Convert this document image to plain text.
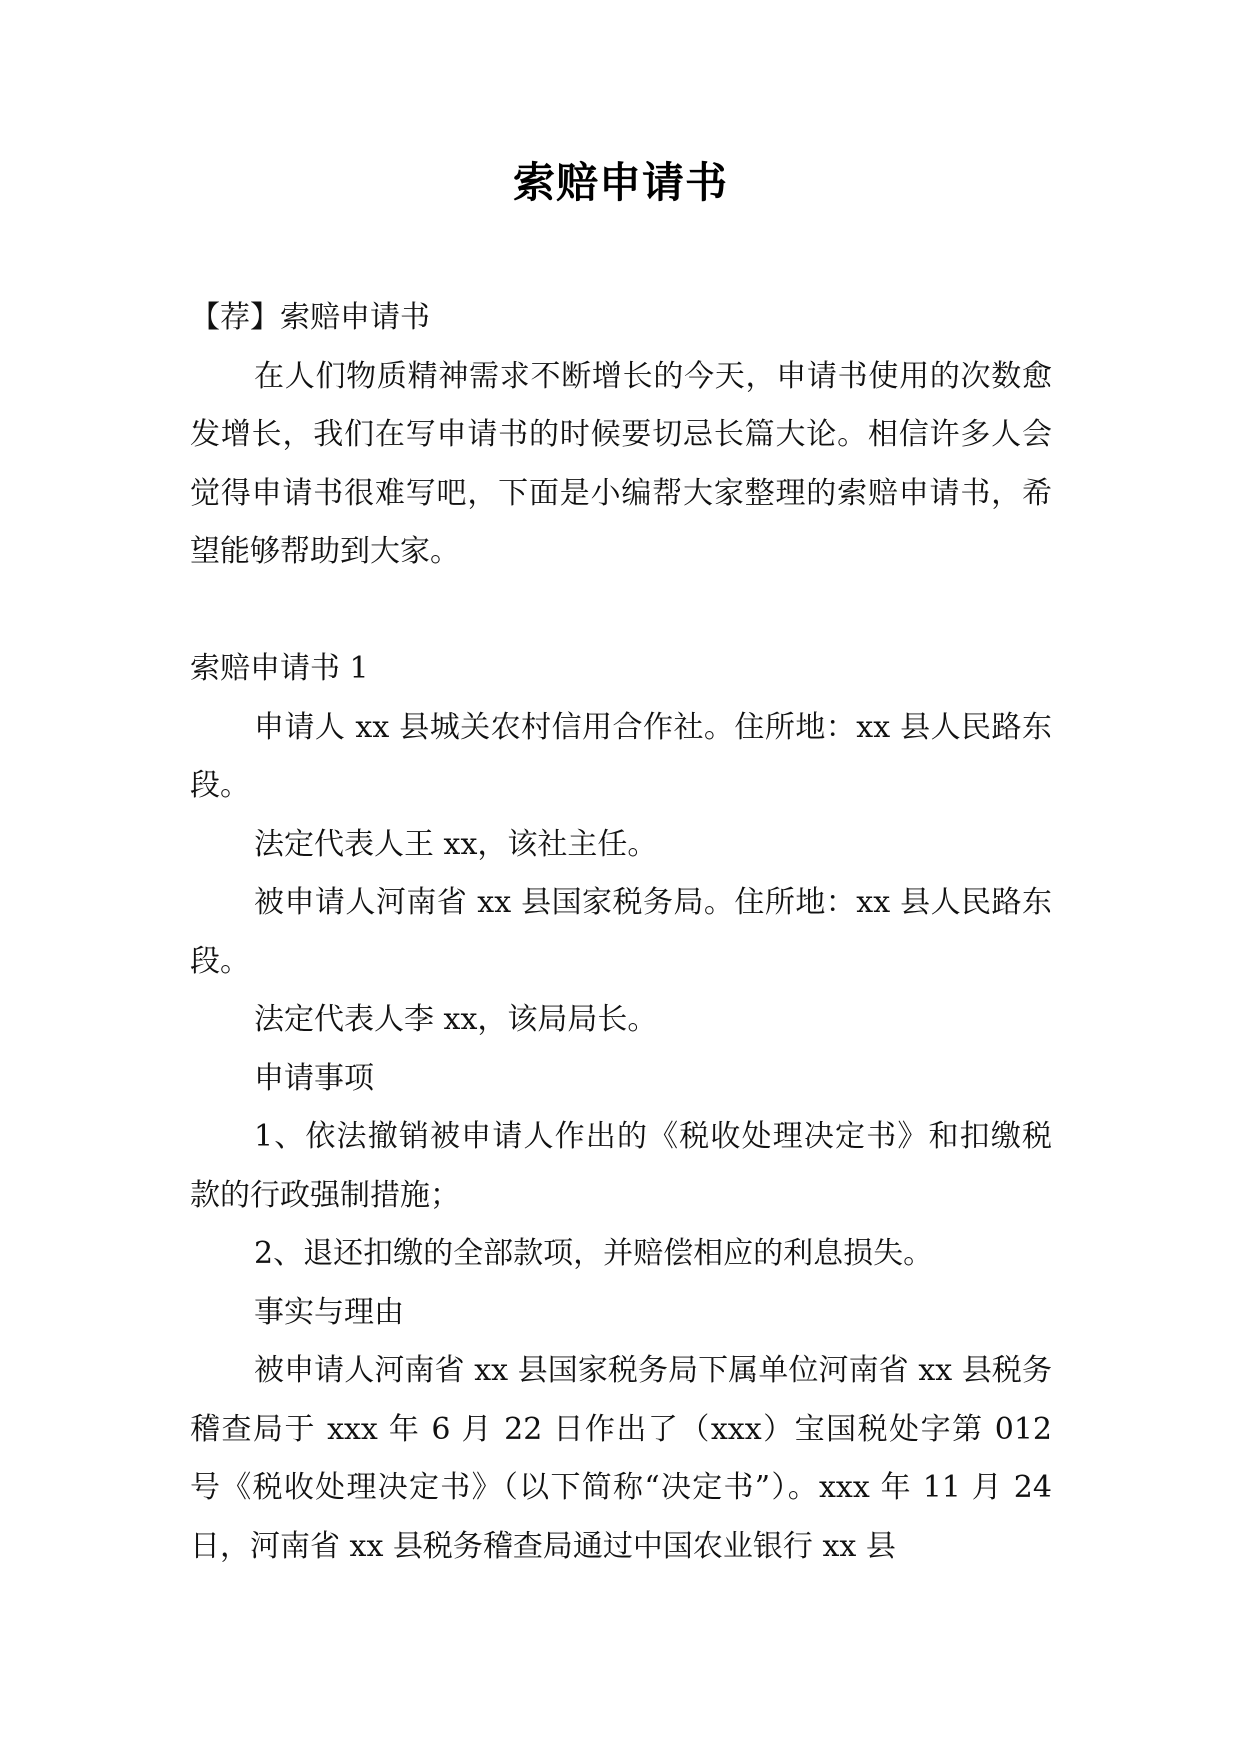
索赔申请书

【荐】索赔申请书

在人们物质精神需求不断增长的今天，申请书使用的次数愈发增长，我们在写申请书的时候要切忌长篇大论。相信许多人会觉得申请书很难写吧，下面是小编帮大家整理的索赔申请书，希望能够帮助到大家。

索赔申请书 1

申请人 xx 县城关农村信用合作社。住所地：xx 县人民路东段。

法定代表人王 xx，该社主任。

被申请人河南省 xx 县国家税务局。住所地：xx 县人民路东段。

法定代表人李 xx，该局局长。

申请事项

1、依法撤销被申请人作出的《税收处理决定书》和扣缴税款的行政强制措施；

2、退还扣缴的全部款项，并赔偿相应的利息损失。

事实与理由

被申请人河南省 xx 县国家税务局下属单位河南省 xx 县税务稽查局于 xxx 年 6 月 22 日作出了（xxx）宝国税处字第 012 号《税收处理决定书》（以下简称“决定书”）。xxx 年 11 月 24 日，河南省 xx 县税务稽查局通过中国农业银行 xx 县
